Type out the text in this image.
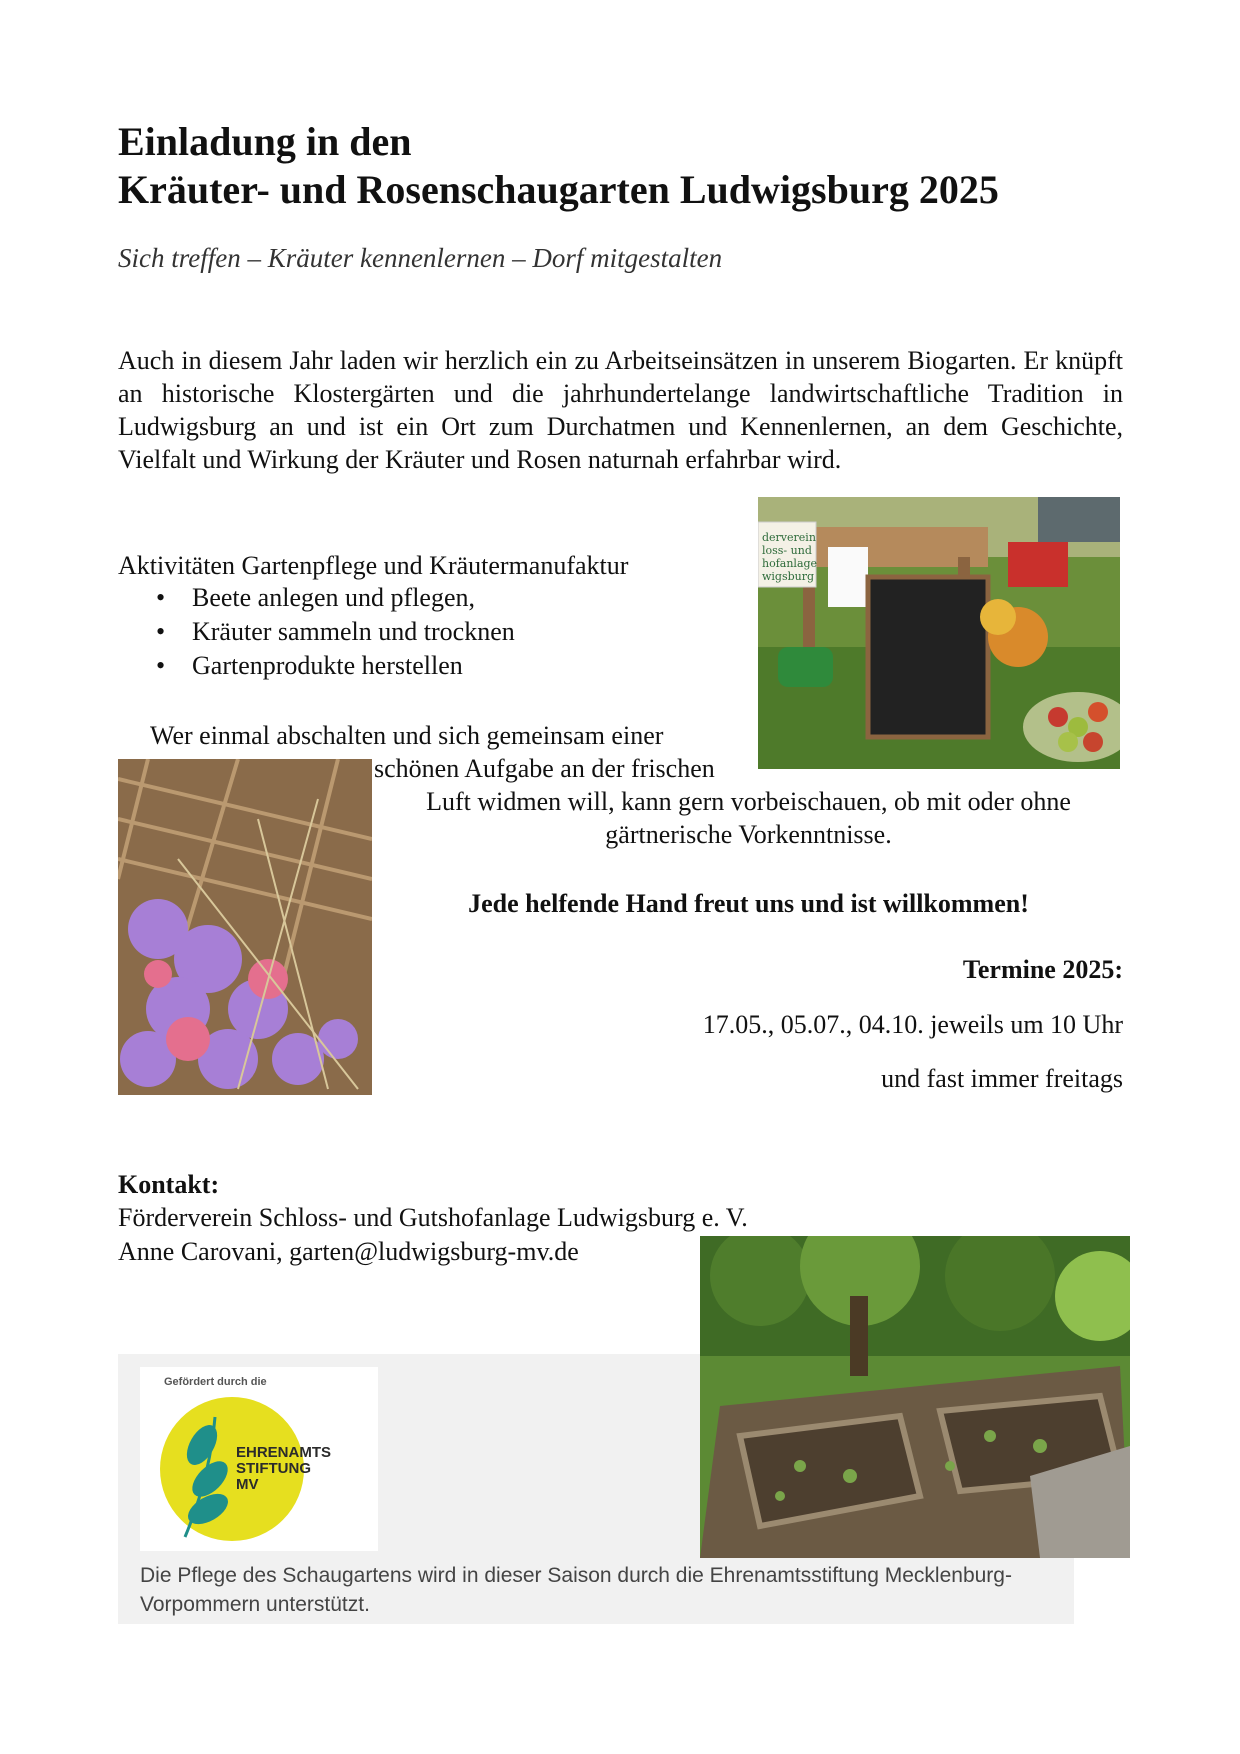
Einladung in den
Kräuter- und Rosenschaugarten Ludwigsburg 2025
Sich treffen – Kräuter kennenlernen – Dorf mitgestalten
Auch in diesem Jahr laden wir herzlich ein zu Arbeitseinsätzen in unserem Biogarten. Er knüpft an historische Klostergärten und die jahrhundertelange landwirtschaftliche Tradition in Ludwigsburg an und ist ein Ort zum Durchatmen und Kennenlernen, an dem Geschichte, Vielfalt und Wirkung der Kräuter und Rosen naturnah erfahrbar wird.
derverein
loss- und
hofanlage
wigsburg
Aktivitäten Gartenpflege und Kräutermanufaktur
• Beete anlegen und pflegen,
• Kräuter sammeln und trocknen
• Gartenprodukte herstellen
Wer einmal abschalten und sich gemeinsam einer
schönen Aufgabe an der frischen
Luft widmen will, kann gern vorbeischauen, ob mit oder ohne
gärtnerische Vorkenntnisse.
Jede helfende Hand freut uns und ist willkommen!
Termine 2025:
17.05., 05.07., 04.10. jeweils um 10 Uhr
und fast immer freitags
Kontakt:
Förderverein Schloss- und Gutshofanlage Ludwigsburg e. V.
Anne Carovani, garten@ludwigsburg-mv.de
Gefördert durch die
EHRENAMTS
STIFTUNG
MV
Die Pflege des Schaugartens wird in dieser Saison durch die Ehrenamtsstiftung Mecklenburg-
Vorpommern unterstützt.
